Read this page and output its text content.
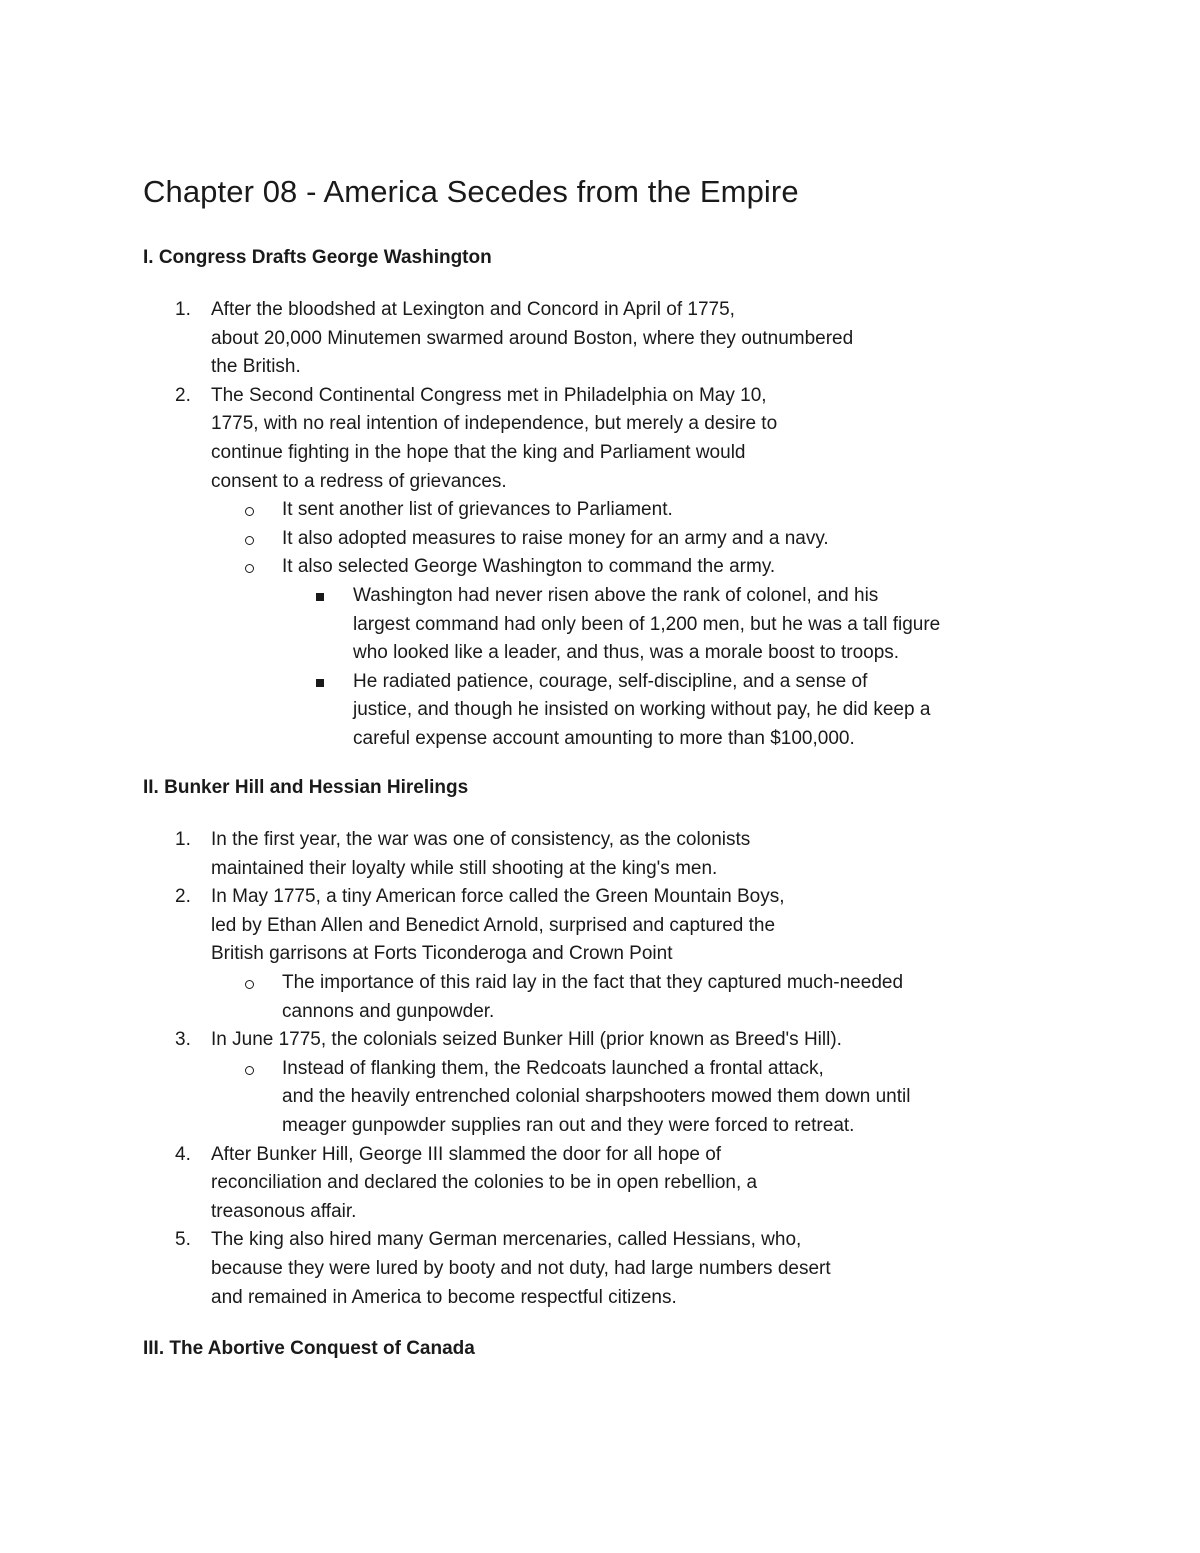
Chapter 08 - America Secedes from the Empire
I. Congress Drafts George Washington
1. After the bloodshed at Lexington and Concord in April of 1775,
about 20,000 Minutemen swarmed around Boston, where they outnumbered
the British.
2. The Second Continental Congress met in Philadelphia on May 10,
1775, with no real intention of independence, but merely a desire to
continue fighting in the hope that the king and Parliament would
consent to a redress of grievances.
It sent another list of grievances to Parliament.
It also adopted measures to raise money for an army and a navy.
It also selected George Washington to command the army.
Washington had never risen above the rank of colonel, and his
largest command had only been of 1,200 men, but he was a tall figure
who looked like a leader, and thus, was a morale boost to troops.
He radiated patience, courage, self-discipline, and a sense of
justice, and though he insisted on working without pay, he did keep a
careful expense account amounting to more than $100,000.
II. Bunker Hill and Hessian Hirelings
1. In the first year, the war was one of consistency, as the colonists
maintained their loyalty while still shooting at the king's men.
2. In May 1775, a tiny American force called the Green Mountain Boys,
led by Ethan Allen and Benedict Arnold, surprised and captured the
British garrisons at Forts Ticonderoga and Crown Point
The importance of this raid lay in the fact that they captured much-needed
cannons and gunpowder.
3. In June 1775, the colonials seized Bunker Hill (prior known as Breed's Hill).
Instead of flanking them, the Redcoats launched a frontal attack,
and the heavily entrenched colonial sharpshooters mowed them down until
meager gunpowder supplies ran out and they were forced to retreat.
4. After Bunker Hill, George III slammed the door for all hope of
reconciliation and declared the colonies to be in open rebellion, a
treasonous affair.
5. The king also hired many German mercenaries, called Hessians, who,
because they were lured by booty and not duty, had large numbers desert
and remained in America to become respectful citizens.
III. The Abortive Conquest of Canada
